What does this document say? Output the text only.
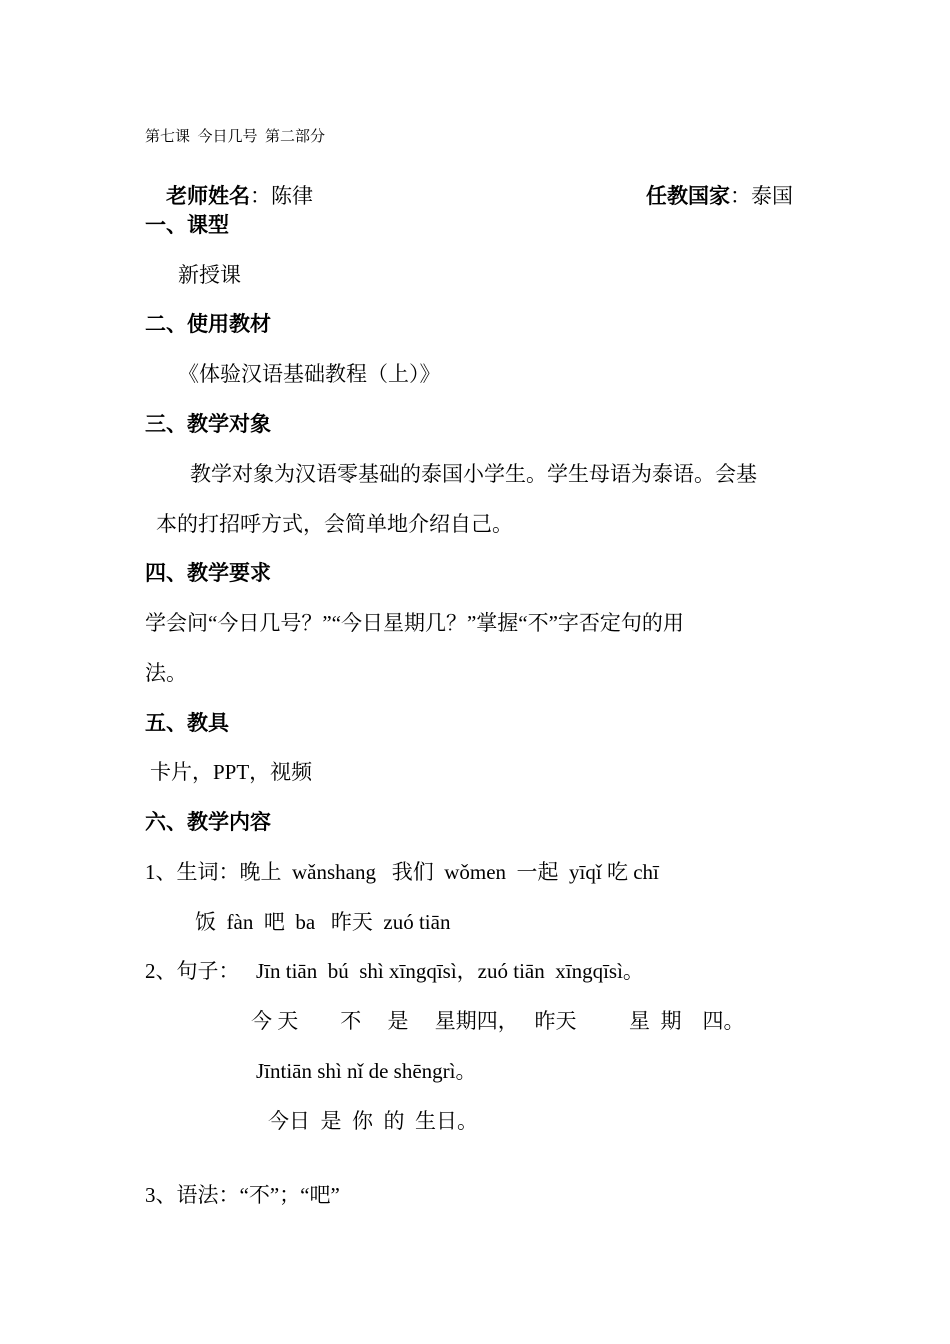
第七课  今日几号  第二部分

老师姓名：陈律
	任教国家：泰国

一、课型
新授课
二、使用教材
《体验汉语基础教程（上）》
三、教学对象
教学对象为汉语零基础的泰国小学生。学生母语为泰语。会基
本的打招呼方式，会简单地介绍自己。
四、教学要求
学会问“今日几号？”“今日星期几？”掌握“不”字否定句的用
法。
五、教具
卡片，PPT，视频
六、教学内容
1、生词：晚上  wǎnshang   我们  wǒmen  一起  yīqǐ 吃 chī
饭  fàn  吧  ba   昨天  zuó tiān
2、句子： Jīn tiān  bú  shì xīngqīsì，zuó tiān  xīngqīsì。
今 天        不     是     星期四，   昨天          星  期    四。
Jīntiān shì nǐ de shēngrì。
今日  是  你  的  生日。
3、语法：“不”；“吧”
